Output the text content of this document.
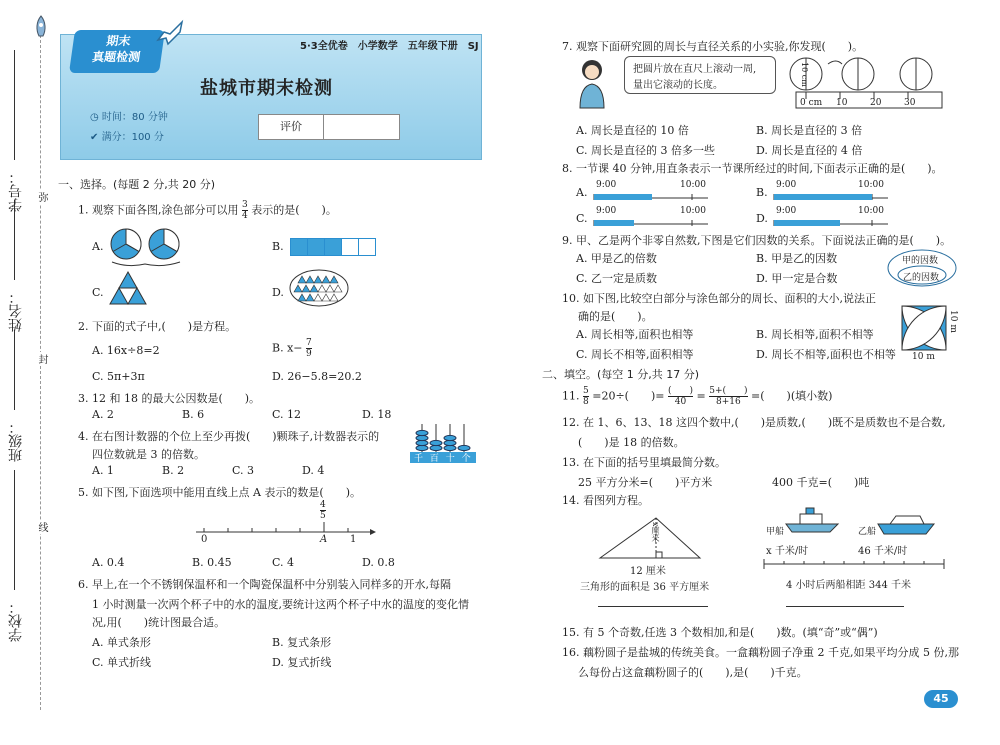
学校：
班级：
姓名：
学号： 弥
封
线
期末
真题检测
5·3全优卷　小学数学　五年级下册　SJ
盐城市期末检测
◷ 时间：80 分钟
✔ 满分：100 分
评价
一、选择。(每题 2 分,共 20 分)
1. 观察下面各图,涂色部分可以用 $\frac{3}{4}$ 表示的是(　　)。
A.	B.
C.	D.
2. 下面的式子中,(　　)是方程。
A. 16x÷8=2	B. $x- \frac{7}{9}$
C. 5π+3π	D. 26−5.8=20.2
3. 12 和 18 的最大公因数是(　　)。
A. 2	B. 6	C. 12	D. 18
4. 在右图计数器的个位上至少再拨(　　)颗珠子,计数器表示的
四位数就是 3 的倍数。
A. 1	B. 2	C. 3	D. 4
千 百 十 个
5. 如下图,下面选项中能用直线上点 A 表示的数是(　　)。
0	1
A
$\frac{4}{5}$
A. 0.4	B. 0.45	C. 4	D. 0.8
6. 早上,在一个不锈钢保温杯和一个陶瓷保温杯中分别装入同样多的开水,每隔
1 小时测量一次两个杯子中的水的温度,要统计这两个杯子中水的温度的变化情
况,用(　　)统计图最合适。
A. 单式条形	B. 复式条形
C. 单式折线	D. 复式折线
7. 观察下面研究圆的周长与直径关系的小实验,你发现(　　)。
把圆片放在直尺上滚动一周,
量出它滚动的长度。	10 cm
0 cm 10	20	30
A. 周长是直径的 10 倍	B. 周长是直径的 3 倍
C. 周长是直径的 3 倍多一些	D. 周长是直径的 4 倍
8. 一节课 40 分钟,用直条表示一节课所经过的时间,下面表示正确的是(　　)。
A.	B.
C.	D.
9:00	10:00	9:00	10:00
9:00	10:00	9:00	10:00
9. 甲、乙是两个非零自然数,下图是它们因数的关系。下面说法正确的是(　　)。
A. 甲是乙的倍数	B. 甲是乙的因数
C. 乙一定是质数	D. 甲一定是合数
甲的因数
乙的因数
10. 如下图,比较空白部分与涂色部分的周长、面积的大小,说法正
确的是(　　)。
A. 周长相等,面积也相等	B. 周长相等,面积不相等
C. 周长不相等,面积相等	D. 周长不相等,面积也不相等 10 m
10 m
二、填空。(每空 1 分,共 17 分)
11. $\frac{5}{8} =20\div$(　　)= (　　)
$40 = \frac{5+( )}{8+16}$ =(　　)(填小数)
12. 在 1、6、13、18 这四个数中,(　　)是质数,(　　)既不是质数也不是合数,
(　　)是 18 的倍数。
13. 在下面的括号里填最简分数。
25 平方分米=(　　)平方米	400 千克=(　　)吨
14. 看图列方程。
x厘米
12 厘米
三角形的面积是 36 平方厘米
甲船	乙船
x 千米/时	46 千米/时
4 小时后两船相距 344 千米
15. 有 5 个奇数,任选 3 个数相加,和是(　　)数。(填“奇”或“偶”)
16. 藕粉圆子是盐城的传统美食。一盒藕粉圆子净重 2 千克,如果平均分成 5 份,那
么每份占这盒藕粉圆子的(　　),是(　　)千克。
45
